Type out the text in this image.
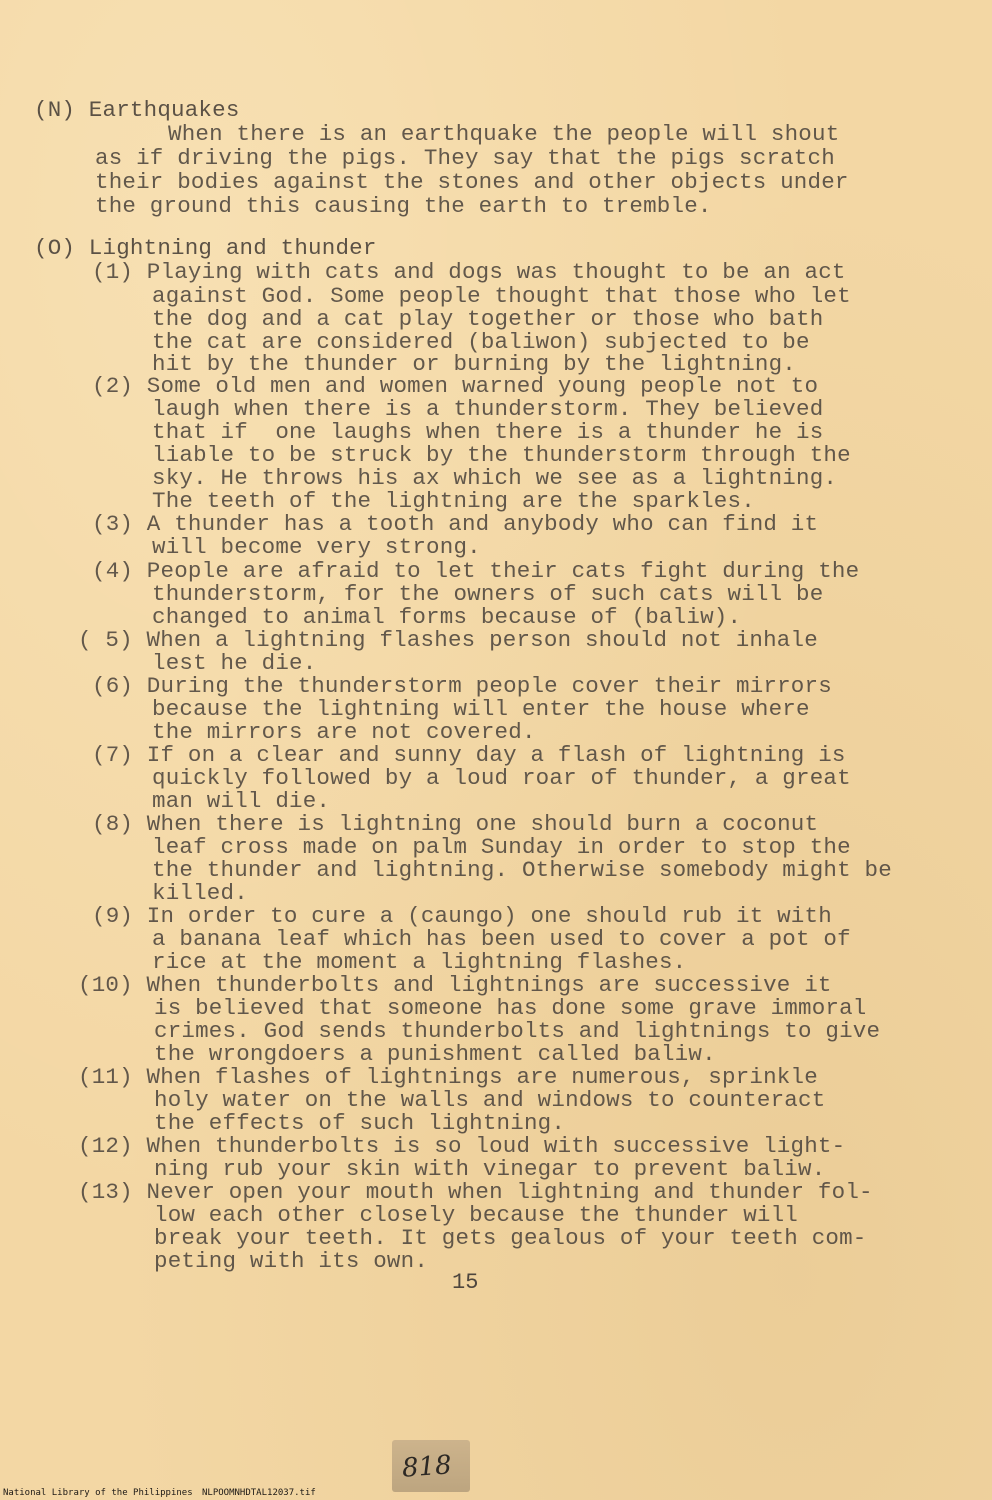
(N) Earthquakes
When there is an earthquake the people will shout
as if driving the pigs. They say that the pigs scratch
their bodies against the stones and other objects under
the ground this causing the earth to tremble.
(O) Lightning and thunder
(1) Playing with cats and dogs was thought to be an act
against God. Some people thought that those who let
the dog and a cat play together or those who bath
the cat are considered (baliwon) subjected to be
hit by the thunder or burning by the lightning.
(2) Some old men and women warned young people not to
laugh when there is a thunderstorm. They believed
that if  one laughs when there is a thunder he is
liable to be struck by the thunderstorm through the
sky. He throws his ax which we see as a lightning.
The teeth of the lightning are the sparkles.
(3) A thunder has a tooth and anybody who can find it
will become very strong.
(4) People are afraid to let their cats fight during the
thunderstorm, for the owners of such cats will be
changed to animal forms because of (baliw).
( 5) When a lightning flashes person should not inhale
lest he die.
(6) During the thunderstorm people cover their mirrors
because the lightning will enter the house where
the mirrors are not covered.
(7) If on a clear and sunny day a flash of lightning is
quickly followed by a loud roar of thunder, a great
man will die.
(8) When there is lightning one should burn a coconut
leaf cross made on palm Sunday in order to stop the
the thunder and lightning. Otherwise somebody might be
killed.
(9) In order to cure a (caungo) one should rub it with
a banana leaf which has been used to cover a pot of
rice at the moment a lightning flashes.
(10) When thunderbolts and lightnings are successive it
is believed that someone has done some grave immoral
crimes. God sends thunderbolts and lightnings to give
the wrongdoers a punishment called baliw.
(11) When flashes of lightnings are numerous, sprinkle
holy water on the walls and windows to counteract
the effects of such lightning.
(12) When thunderbolts is so loud with successive light-
ning rub your skin with vinegar to prevent baliw.
(13) Never open your mouth when lightning and thunder fol-
low each other closely because the thunder will
break your teeth. It gets gealous of your teeth com-
peting with its own.
15
818
National Library of the Philippines NLPOOMNHDTAL12037.tif
